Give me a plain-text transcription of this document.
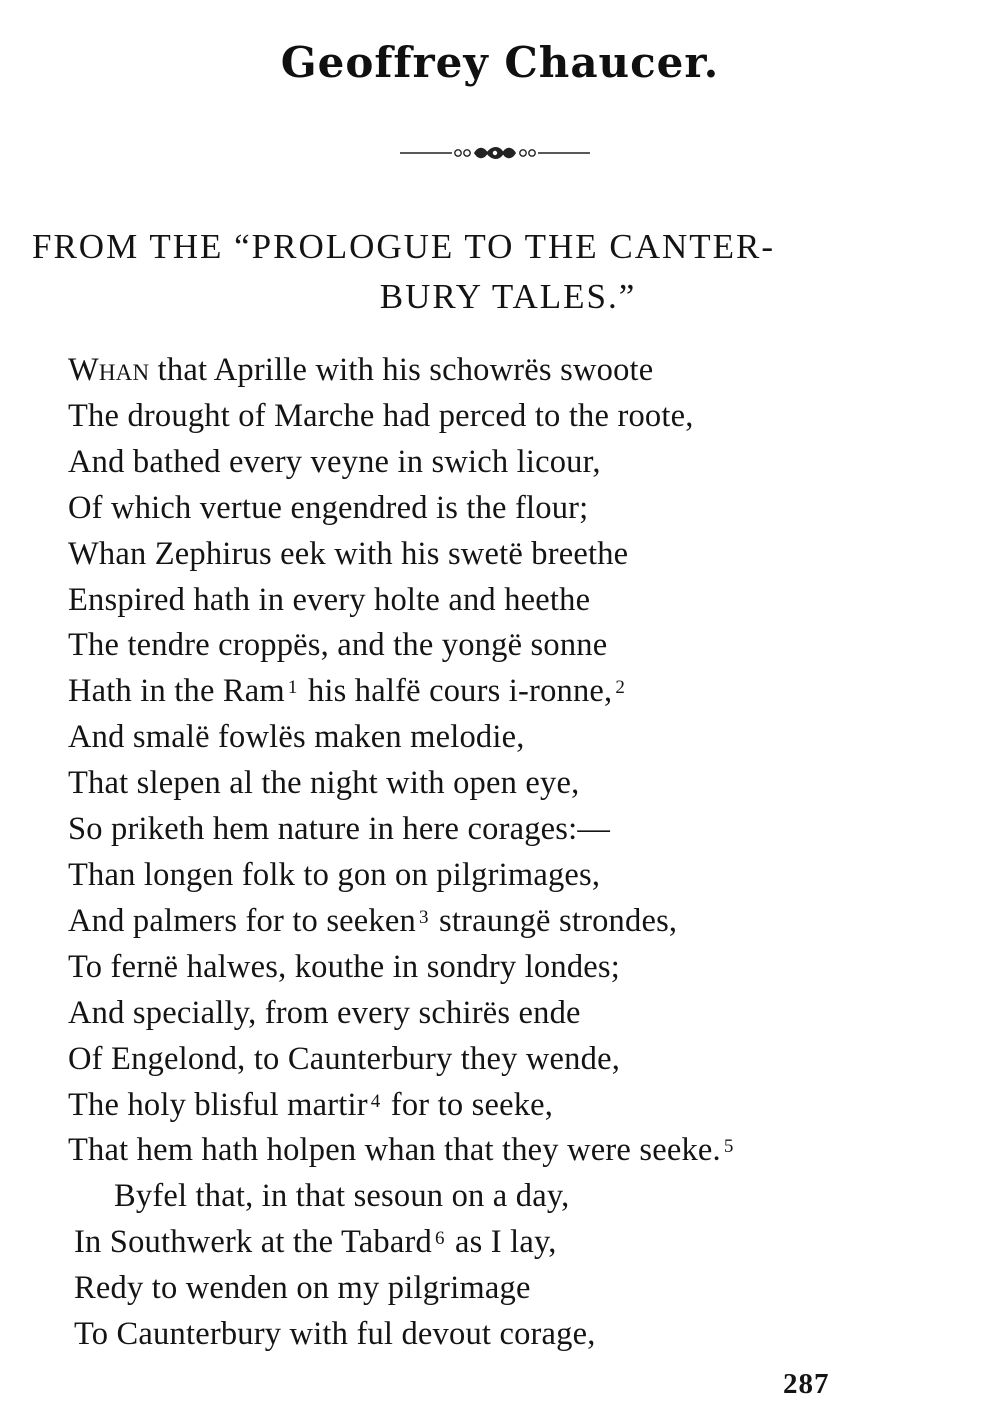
Geoffrey Chaucer.
FROM THE “PROLOGUE TO THE CANTER-
BURY TALES.”
Whan that Aprille with his schowrës swoote
The drought of Marche had perced to the roote,
And bathed every veyne in swich licour,
Of which vertue engendred is the flour;
Whan Zephirus eek with his swetë breethe
Enspired hath in every holte and heethe
The tendre croppës, and the yongë sonne
Hath in the Ram $^1$ his halfë cours i-ronne, $^2$
And smalë fowlës maken melodie,
That slepen al the night with open eye,
So priketh hem nature in here corages:—
Than longen folk to gon on pilgrimages,
And palmers for to seeken $^3$ straungë strondes,
To fernë halwes, kouthe in sondry londes;
And specially, from every schirës ende
Of Engelond, to Caunterbury they wende,
The holy blisful martir $^4$ for to seeke,
That hem hath holpen whan that they were seeke. $^5$
Byfel that, in that sesoun on a day,
In Southwerk at the Tabard $^6$ as I lay,
Redy to wenden on my pilgrimage
To Caunterbury with ful devout corage,
287
